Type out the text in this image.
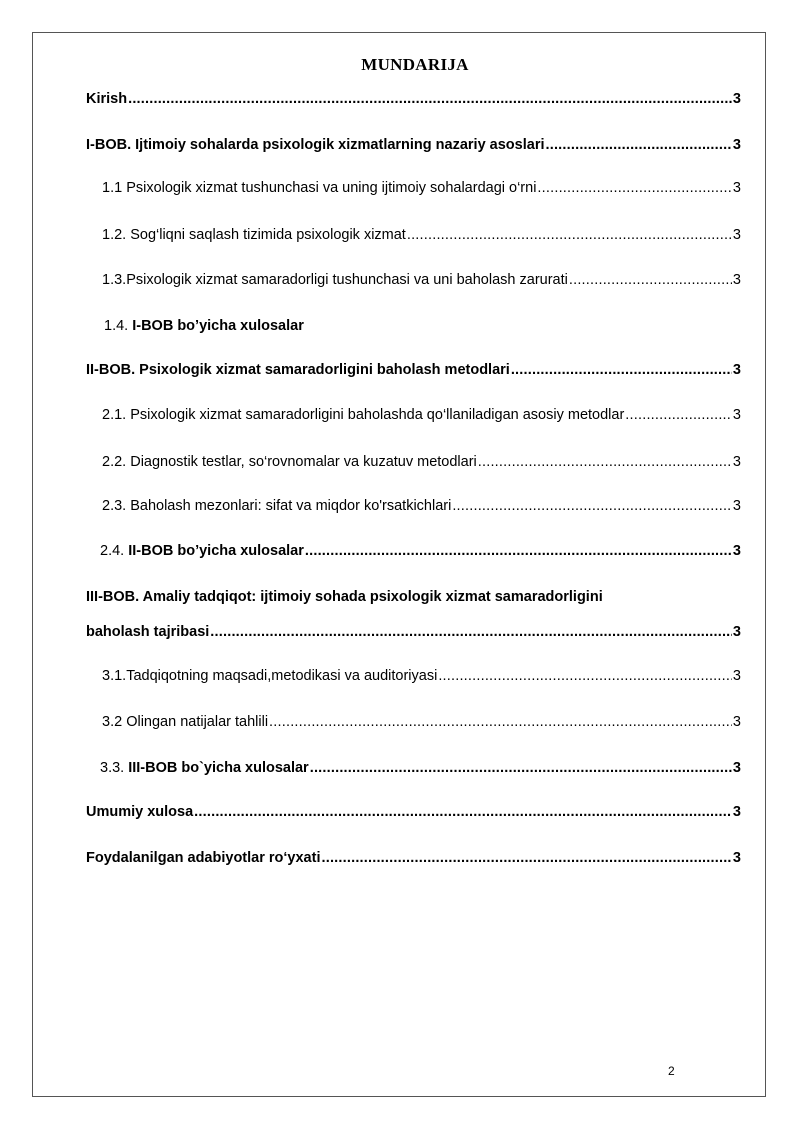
MUNDARIJA
Kirish .....	3
I-BOB. Ijtimoiy sohalarda psixologik xizmatlarning nazariy asoslari .....	3
1.1 Psixologik xizmat tushunchasi va uning ijtimoiy sohalardagi o‘rni .....	3
1.2. Sog‘liqni saqlash tizimida psixologik xizmat .....	3
1.3. Psixologik xizmat samaradorligi tushunchasi va uni baholash zarurati .....	3
1.4. I-BOB bo’yicha xulosalar
II-BOB. Psixologik xizmat samaradorligini baholash metodlari .....	3
2.1. Psixologik xizmat samaradorligini baholashda qo‘llaniladigan asosiy metodlar .....	3
2.2. Diagnostik testlar, so‘rovnomalar va kuzatuv metodlari .....	3
2.3. Baholash mezonlari: sifat va miqdor ko'rsatkichlari .....	3
2.4. II-BOB bo’yicha xulosalar .....	3
III-BOB. Amaliy tadqiqot: ijtimoiy sohada psixologik xizmat samaradorligini
baholash tajribasi .....	3
3.1. Tadqiqotning maqsadi,metodikasi va auditoriyasi .....	3
3.2 Olingan natijalar tahlili .....	3
3.3. III-BOB bo`yicha xulosalar .....	3
Umumiy xulosa .....	3
Foydalanilgan adabiyotlar ro‘yxati .....	3
2
